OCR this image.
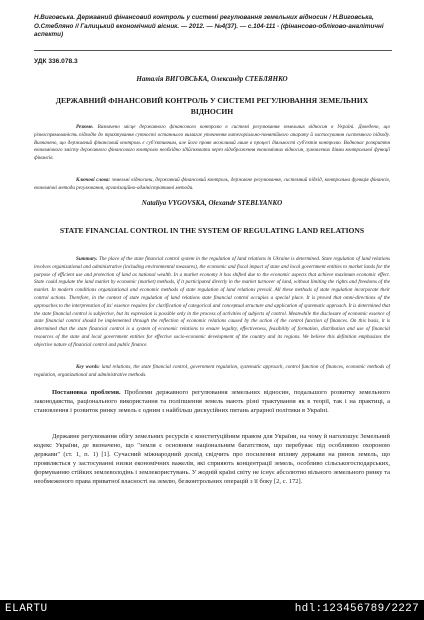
Н.Виговська. Державний фінансовий контроль у системі регулювання земельних відносин / Н.Виговська, О.Стебляно // Галицький економічний вісник. — 2012. — №4(37). — с.104-111 - (фінансово-обліково-аналітичні аспекти)

УДК 336.078.3

Наталія ВИГОВСЬКА, Олександр СТЕБЛЯНКО

ДЕРЖАВНИЙ ФІНАНСОВИЙ КОНТРОЛЬ У СИСТЕМІ РЕГУЛЮВАННЯ ЗЕМЕЛЬНИХ ВІДНОСИН

Резюме. Визначено місце державного фінансового контролю в системі регулювання земельних відносин в Україні. Доведено, що різноспрямованість підходів до трактування сутності останнього вимагає уточнення категоріально-понятійного апарату й застосування системного підходу. Визначено, що державний фінансовий контроль є суб'єктивним, але його прояв можливий лише в процесі діяльності суб'єктів контролю. Водночас розкриття економічного змісту державного фінансового контролю необхідно здійснювати через відображення економічних відносин, зумовлених діями контрольної функції фінансів.

Ключові слова: земельні відносини, державний фінансовий контроль, державне регулювання, системний підхід, контрольна функція фінансів, економічні методи регулювання, організаційно-адміністративні методи.

Nataliya VYGOVSKA, Olexandr STEBLYANKO

STATE FINANCIAL CONTROL IN THE SYSTEM OF REGULATING LAND RELATIONS

Summary. The place of the state financial control system in the regulation of land relations in Ukraine is determined. State regulation of land relations involves organizational and administrative (including environmental measures), the economic and fiscal impact of state and local government entities to market lands for the purpose of efficient use and protection of land as national wealth. In a market economy it has shifted due to the economic aspects that achieve maximum economic effect. State could regulate the land market by economic (market) methods, if it participated directly in the market turnover of land, without limiting the rights and freedoms of the market. In modern conditions organizational and economic methods of state regulation of land relations prevail. All these methods of state regulation incorporate their control actions. Therefore, in the context of state regulation of land relations state financial control occupies a special place. It is proved that omni-directions of the approaches to the interpretation of its' essence requires for clarification of categorical and conceptual structure and application of systematic approach. It is determined that the state financial control is subjective, but its expression is possible only in the process of activities of subjects of control. Meanwhile the disclosure of economic essence of state financial control should be implemented through the reflection of economic relations caused by the action of the control function of finances. On this basis, it is determined that the state financial control is a system of economic relations to ensure legality, effectiveness, feasibility of formation, distribution and use of financial resources of the state and local government entities for effective socio-economic development of the country and its regions. We believe this definition emphasizes the objective nature of financial control and public finance.

Key words: land relations, the state financial control, government regulation, systematic approach, control function of finances, economic methods of regulation, organizational and administrative methods.

Постановка проблеми. Проблеми державного регулювання земельних відносин, подальшого розвитку земельного законодавства, раціонального використання та поліпшення земель мають різні трактування як в теорії, так і на практиці, а становлення і розвиток ринку земель є одним з найбільш дискусійних питань аграрної політики в Україні.

Державне регулювання обігу земельних ресурсів є конституційним правом для України, на чому й наголошує Земельний кодекс України, де визначено, що "земля є основним національним багатством, що перебуває під особливою охороною держави" (ст. 1, п. 1) [1]. Сучасний міжнародний досвід свідчить про посилення впливу держави на ринок земель, що проявляється у застосуванні низки економічних важелів, які сприяють концентрації земель, особливо сільськогосподарських, формуванню стійких землеволодінь і землекористувань. У жодній країні світу не існує абсолютно вільного земельного ринку та необмеженого права приватної власності на землю, безконтрольних операцій з її боку [2, с. 172].

ELARTU	hdl:123456789/2227
